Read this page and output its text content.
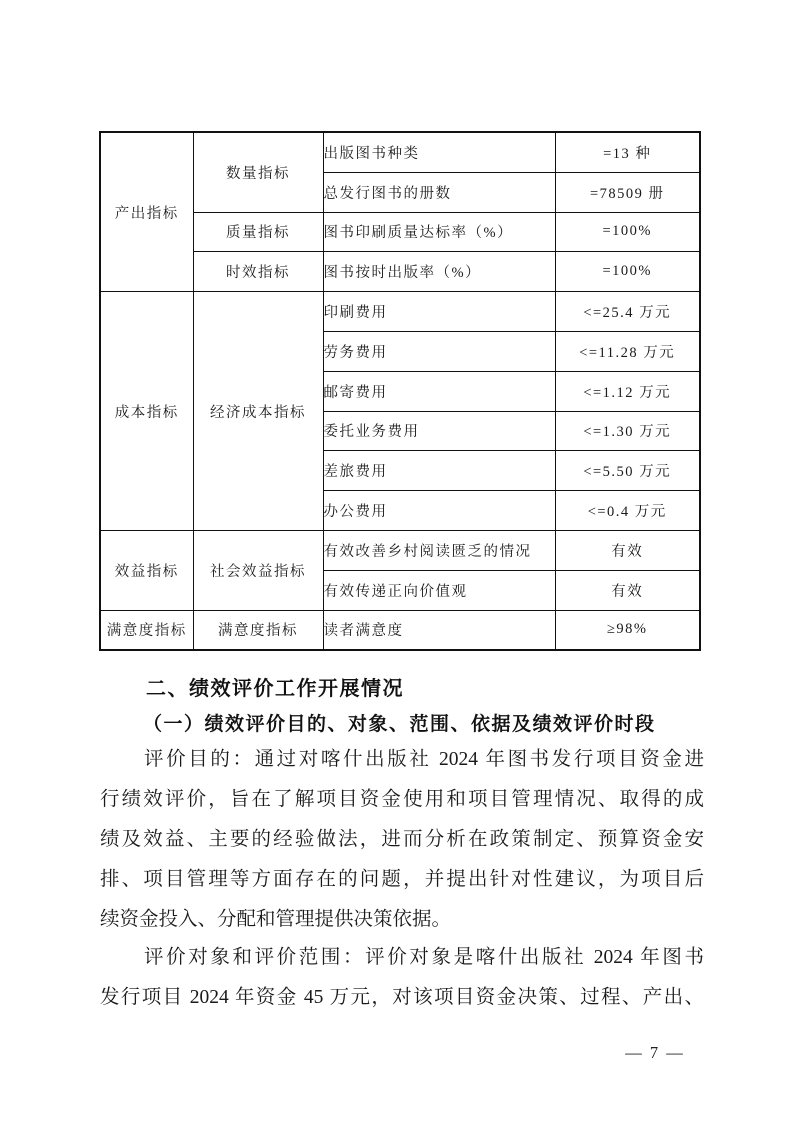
产出指标	数量指标	出版图书种类	=13 种
		总发行图书的册数	=78509 册
	质量指标	图书印刷质量达标率（%）	=100%
	时效指标	图书按时出版率（%）	=100%
成本指标	经济成本指标	印刷费用	<=25.4 万元
		劳务费用	<=11.28 万元
		邮寄费用	<=1.12 万元
		委托业务费用	<=1.30 万元
		差旅费用	<=5.50 万元
		办公费用	<=0.4 万元
效益指标	社会效益指标	有效改善乡村阅读匮乏的情况	有效
		有效传递正向价值观	有效
满意度指标	满意度指标	读者满意度	≥98%
二、绩效评价工作开展情况
（一）绩效评价目的、对象、范围、依据及绩效评价时段
评价目的：通过对喀什出版社 2024 年图书发行项目资金进
行绩效评价，旨在了解项目资金使用和项目管理情况、取得的成
绩及效益、主要的经验做法，进而分析在政策制定、预算资金安
排、项目管理等方面存在的问题，并提出针对性建议，为项目后
续资金投入、分配和管理提供决策依据。
评价对象和评价范围：评价对象是喀什出版社 2024 年图书
发行项目 2024 年资金 45 万元，对该项目资金决策、过程、产出、
— 7 —
